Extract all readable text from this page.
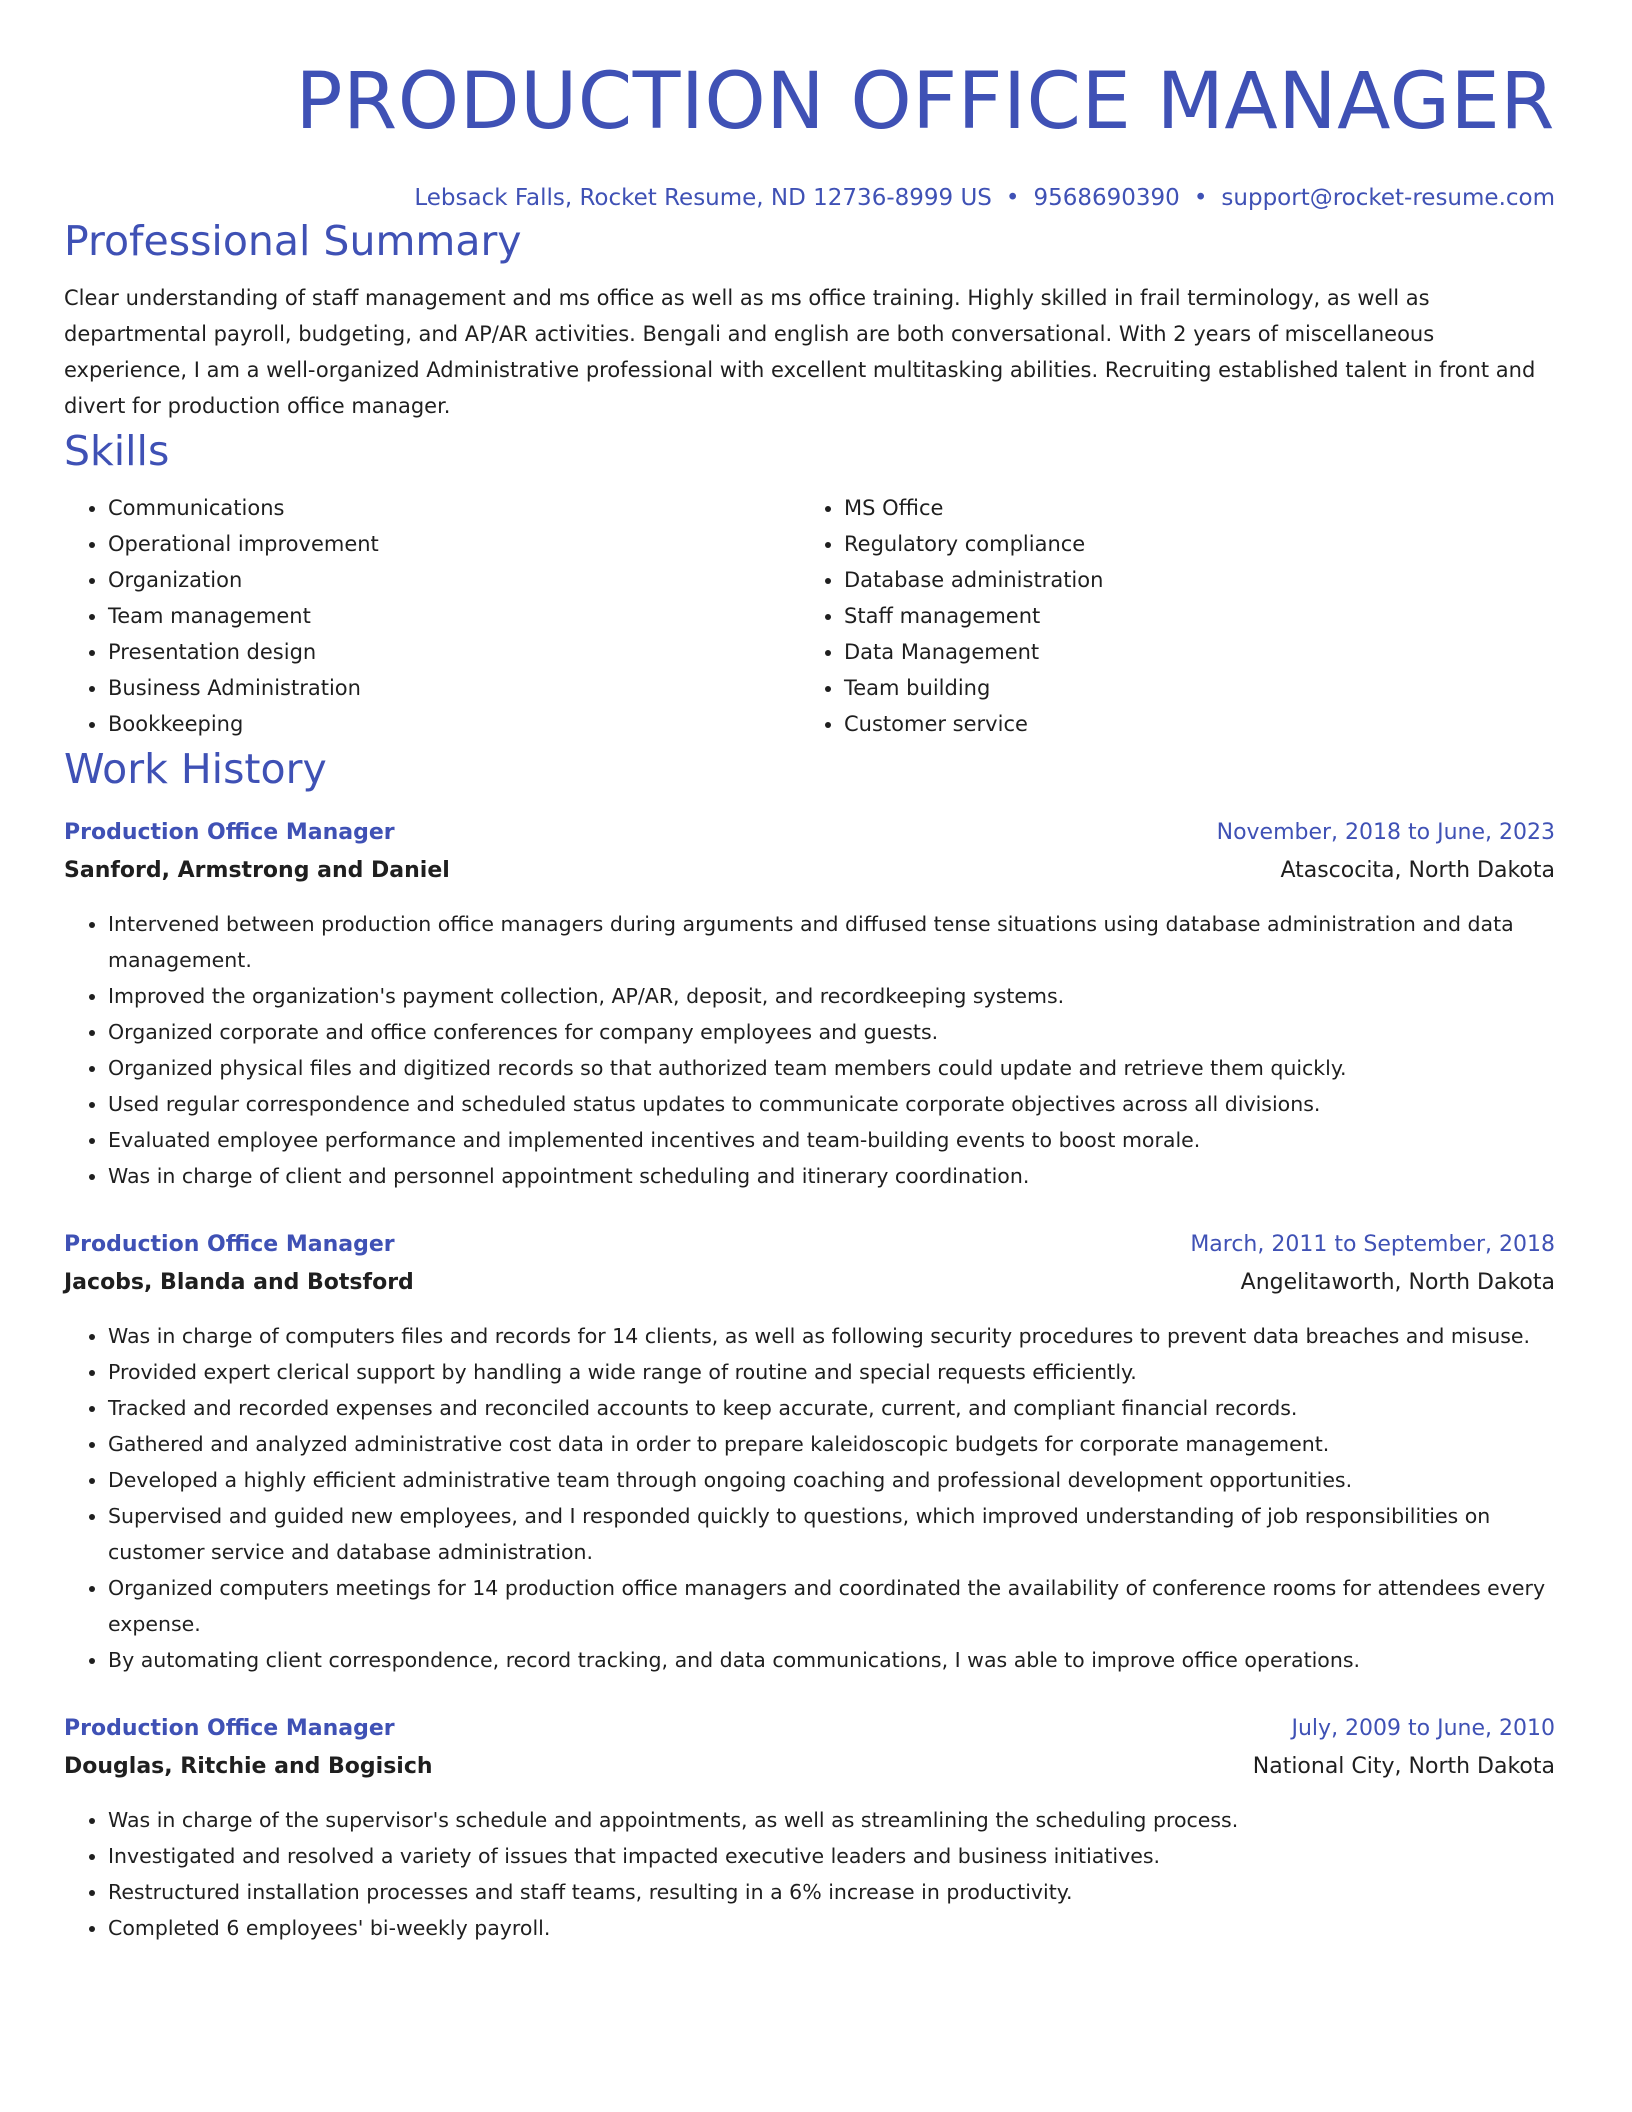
PRODUCTION OFFICE MANAGER
Lebsack Falls, Rocket Resume, ND 12736-8999 US • 9568690390 • support@rocket-resume.com
Professional Summary
Clear understanding of staff management and ms office as well as ms office training. Highly skilled in frail terminology, as well as departmental payroll, budgeting, and AP/AR activities. Bengali and english are both conversational. With 2 years of miscellaneous experience, I am a well-organized Administrative professional with excellent multitasking abilities. Recruiting established talent in front and divert for production office manager.
Skills
• Communications
• Operational improvement
• Organization
• Team management
• Presentation design
• Business Administration
• Bookkeeping
• MS Office
• Regulatory compliance
• Database administration
• Staff management
• Data Management
• Team building
• Customer service
Work History
Production Office Manager	November, 2018 to June, 2023
Sanford, Armstrong and Daniel	Atascocita, North Dakota
• Intervened between production office managers during arguments and diffused tense situations using database administration and data management.
• Improved the organization's payment collection, AP/AR, deposit, and recordkeeping systems.
• Organized corporate and office conferences for company employees and guests.
• Organized physical files and digitized records so that authorized team members could update and retrieve them quickly.
• Used regular correspondence and scheduled status updates to communicate corporate objectives across all divisions.
• Evaluated employee performance and implemented incentives and team-building events to boost morale.
• Was in charge of client and personnel appointment scheduling and itinerary coordination.
Production Office Manager	March, 2011 to September, 2018
Jacobs, Blanda and Botsford	Angelitaworth, North Dakota
• Was in charge of computers files and records for 14 clients, as well as following security procedures to prevent data breaches and misuse.
• Provided expert clerical support by handling a wide range of routine and special requests efficiently.
• Tracked and recorded expenses and reconciled accounts to keep accurate, current, and compliant financial records.
• Gathered and analyzed administrative cost data in order to prepare kaleidoscopic budgets for corporate management.
• Developed a highly efficient administrative team through ongoing coaching and professional development opportunities.
• Supervised and guided new employees, and I responded quickly to questions, which improved understanding of job responsibilities on customer service and database administration.
• Organized computers meetings for 14 production office managers and coordinated the availability of conference rooms for attendees every expense.
• By automating client correspondence, record tracking, and data communications, I was able to improve office operations.
Production Office Manager	July, 2009 to June, 2010
Douglas, Ritchie and Bogisich	National City, North Dakota
• Was in charge of the supervisor's schedule and appointments, as well as streamlining the scheduling process.
• Investigated and resolved a variety of issues that impacted executive leaders and business initiatives.
• Restructured installation processes and staff teams, resulting in a 6% increase in productivity.
• Completed 6 employees' bi-weekly payroll.
